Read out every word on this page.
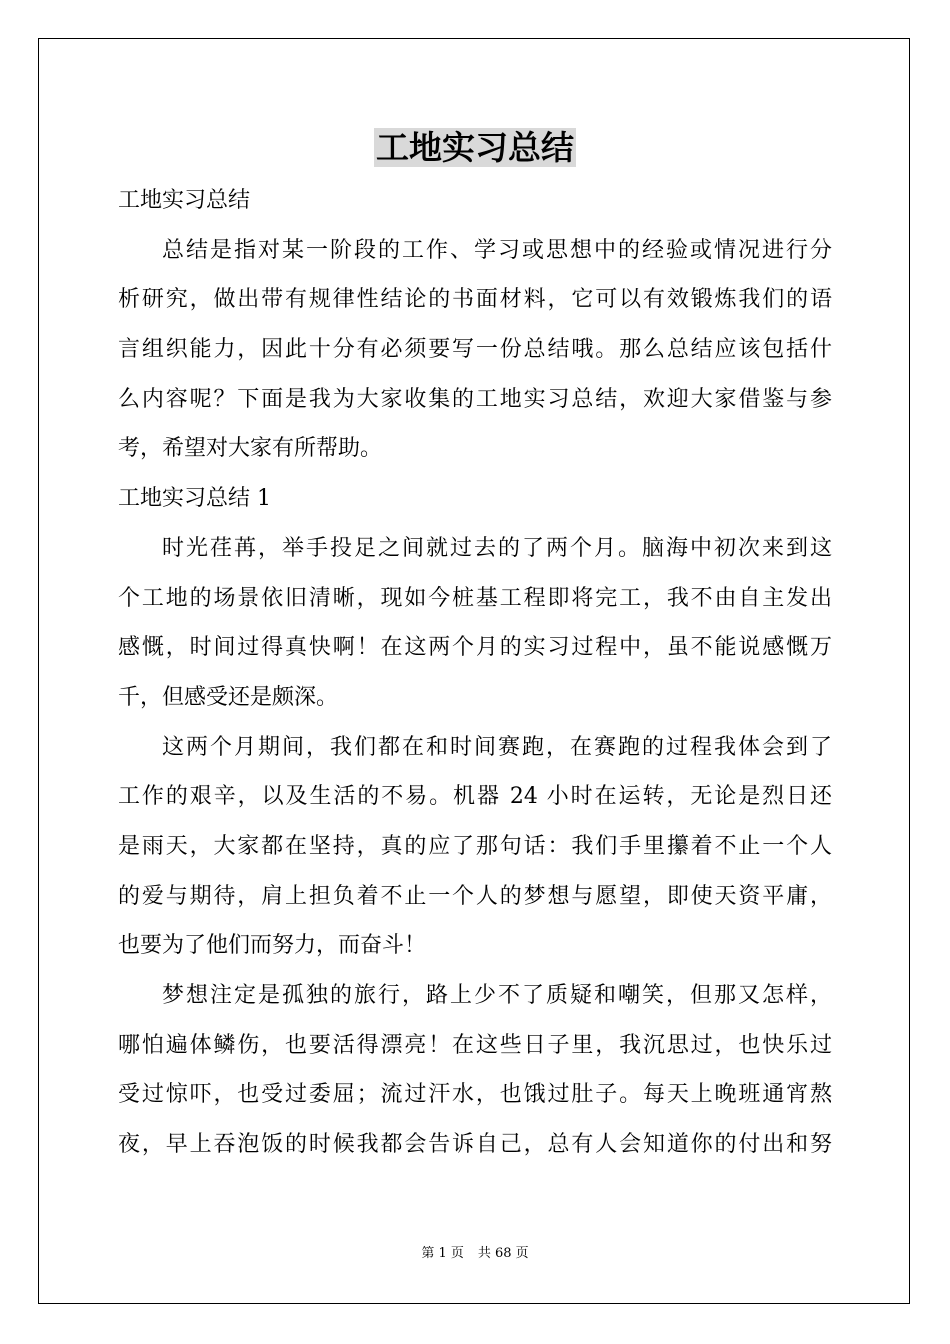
工地实习总结

工地实习总结

总结是指对某一阶段的工作、学习或思想中的经验或情况进行分

析研究，做出带有规律性结论的书面材料，它可以有效锻炼我们的语

言组织能力，因此十分有必须要写一份总结哦。那么总结应该包括什

么内容呢？下面是我为大家收集的工地实习总结，欢迎大家借鉴与参

考，希望对大家有所帮助。

工地实习总结 1

时光荏苒，举手投足之间就过去的了两个月。脑海中初次来到这

个工地的场景依旧清晰，现如今桩基工程即将完工，我不由自主发出

感慨，时间过得真快啊！在这两个月的实习过程中，虽不能说感慨万

千，但感受还是颇深。

这两个月期间，我们都在和时间赛跑，在赛跑的过程我体会到了

工作的艰辛，以及生活的不易。机器 24 小时在运转，无论是烈日还

是雨天，大家都在坚持，真的应了那句话：我们手里攥着不止一个人

的爱与期待，肩上担负着不止一个人的梦想与愿望，即使天资平庸，

也要为了他们而努力，而奋斗！

梦想注定是孤独的旅行，路上少不了质疑和嘲笑，但那又怎样，

哪怕遍体鳞伤，也要活得漂亮！在这些日子里，我沉思过，也快乐过

受过惊吓，也受过委屈；流过汗水，也饿过肚子。每天上晚班通宵熬

夜，早上吞泡饭的时候我都会告诉自己，总有人会知道你的付出和努

第 1 页 共 68 页
